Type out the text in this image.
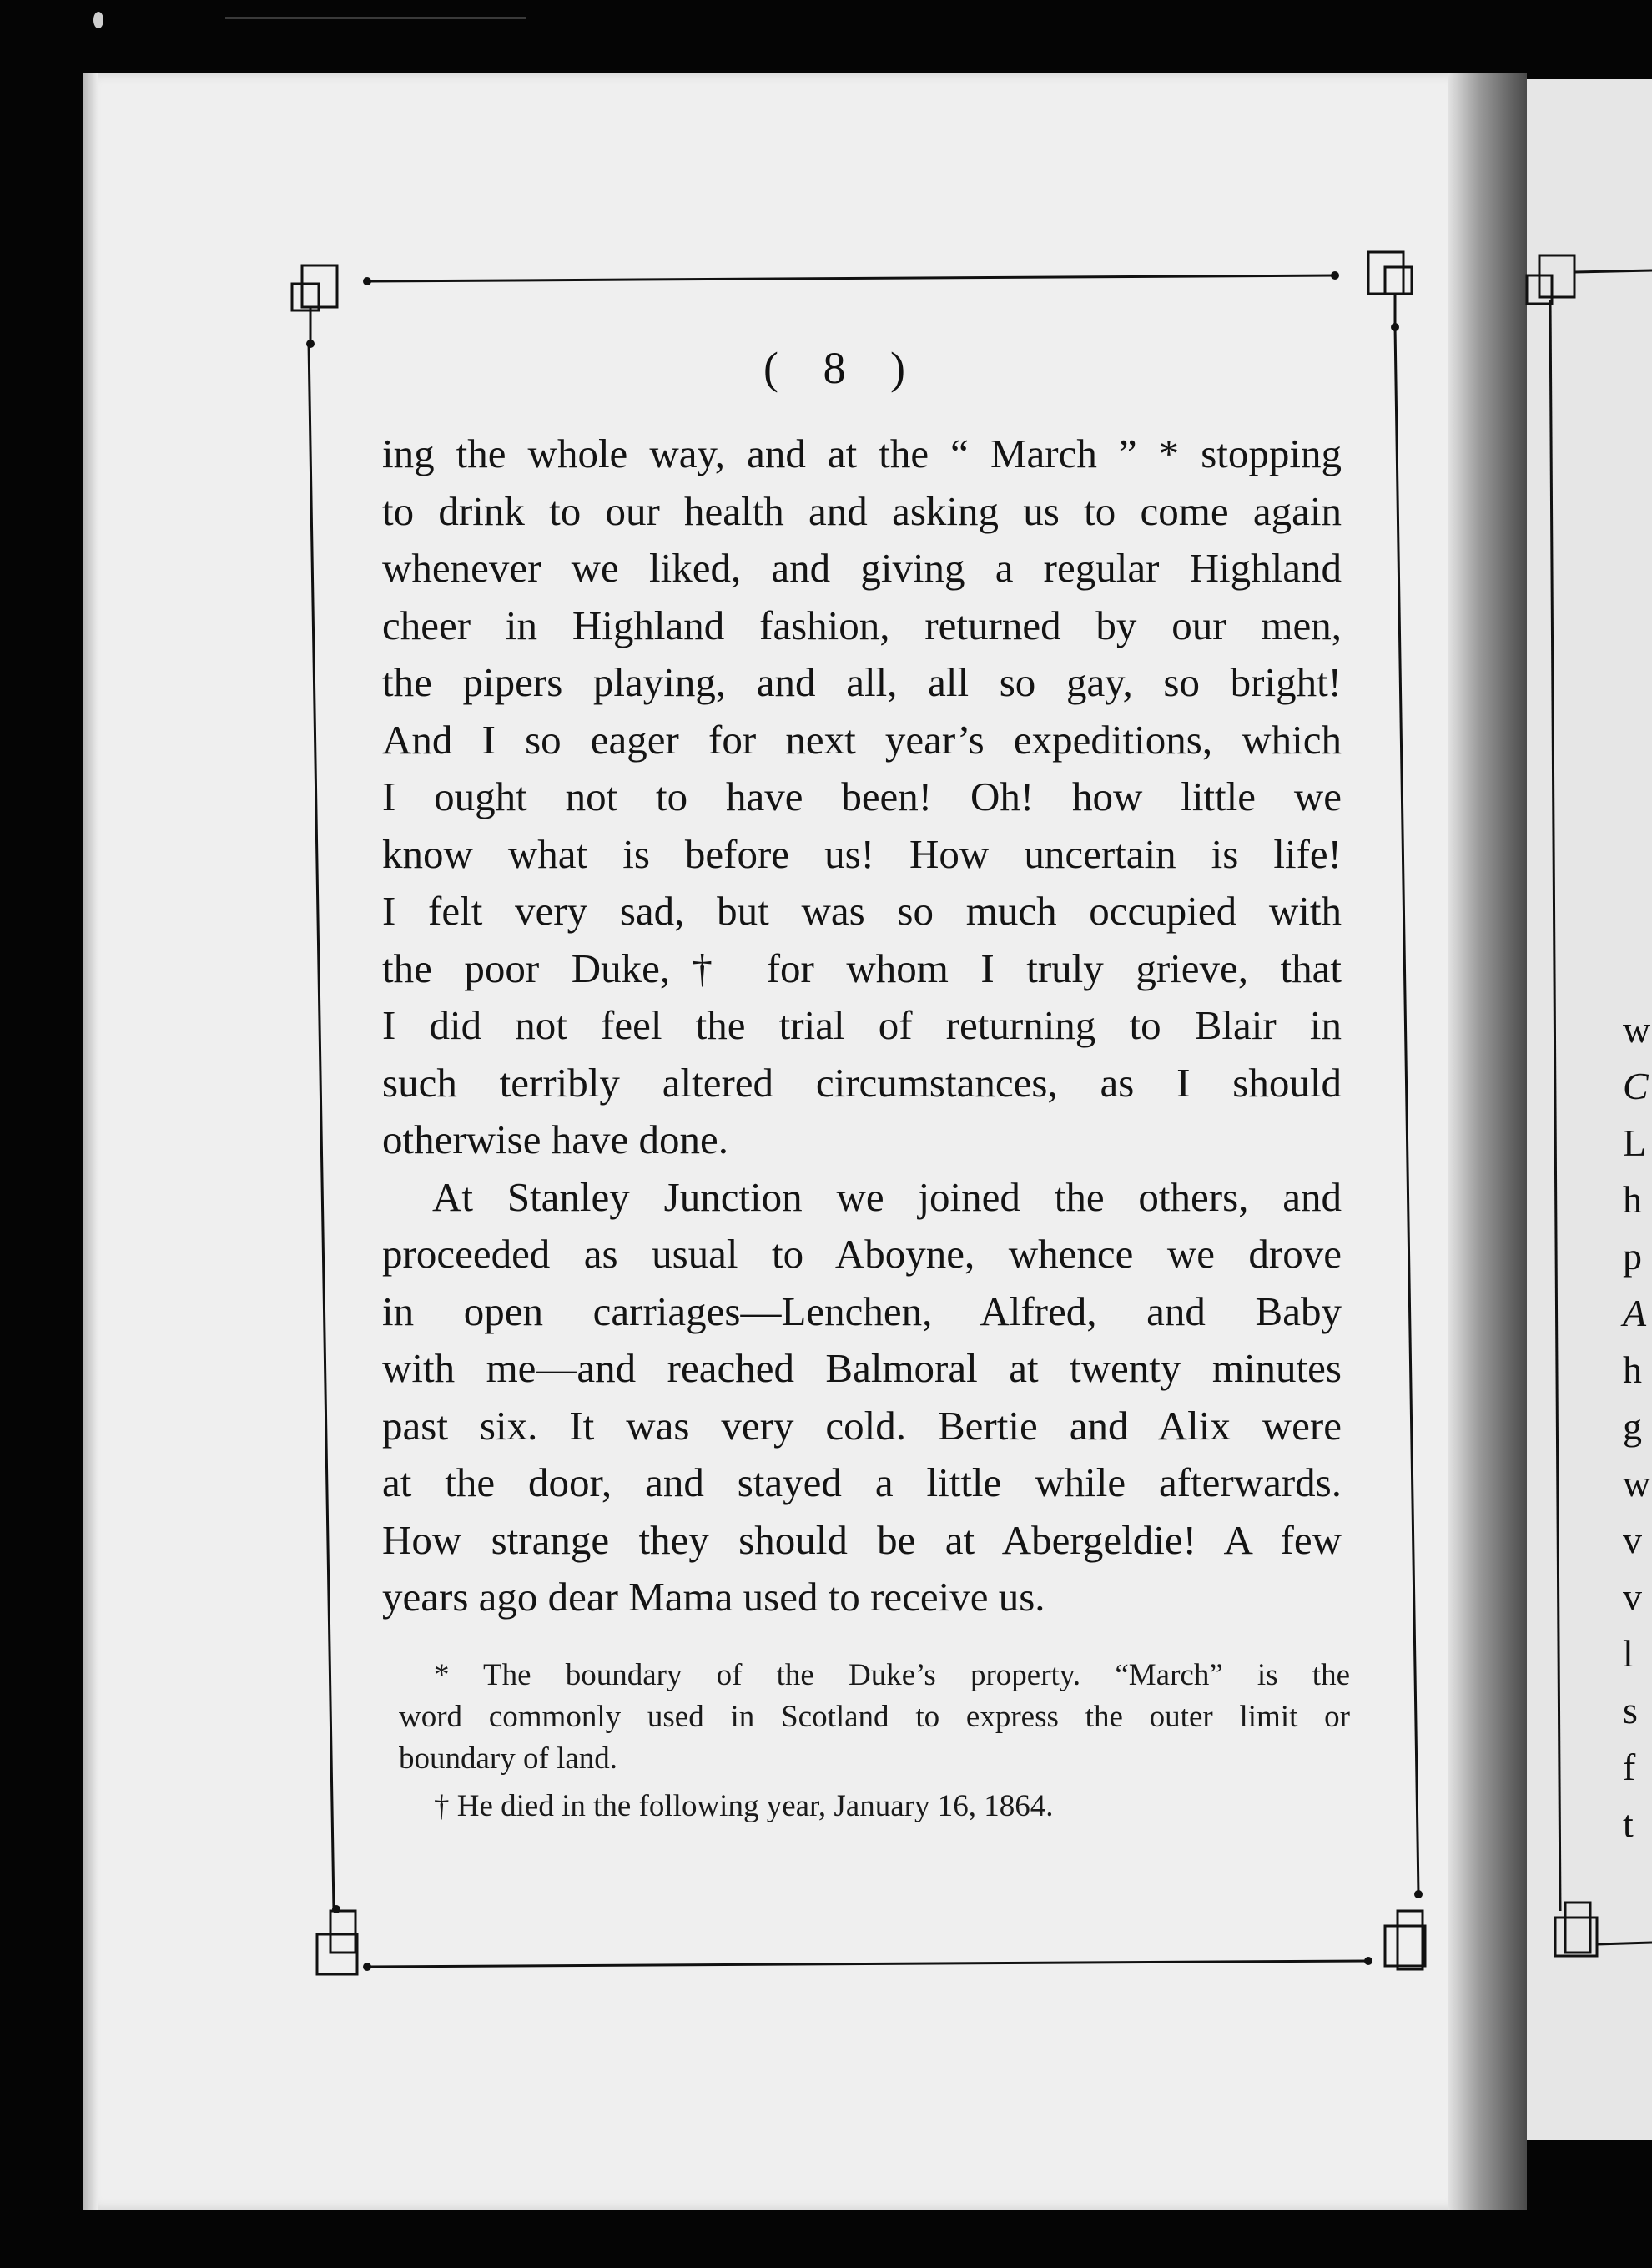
( 8 )
ing the whole way, and at the “ March ” * stopping
to drink to our health and asking us to come again
whenever we liked, and giving a regular Highland
cheer in Highland fashion, returned by our men,
the pipers playing, and all, all so gay, so bright!
And I so eager for next year’s expeditions, which
I ought not to have been! Oh! how little we
know what is before us! How uncertain is life!
I felt very sad, but was so much occupied with
the poor Duke,† for whom I truly grieve, that
I did not feel the trial of returning to Blair in
such terribly altered circumstances, as I should
otherwise have done.
At Stanley Junction we joined the others, and
proceeded as usual to Aboyne, whence we drove
in open carriages—Lenchen, Alfred, and Baby
with me—and reached Balmoral at twenty minutes
past six. It was very cold. Bertie and Alix were
at the door, and stayed a little while afterwards.
How strange they should be at Abergeldie! A few
years ago dear Mama used to receive us.
* The boundary of the Duke’s property. “March” is the
word commonly used in Scotland to express the outer limit or
boundary of land.
† He died in the following year, January 16, 1864.
w
C
L
h
p
A
h
g
w
v
v
l
s
f
t
